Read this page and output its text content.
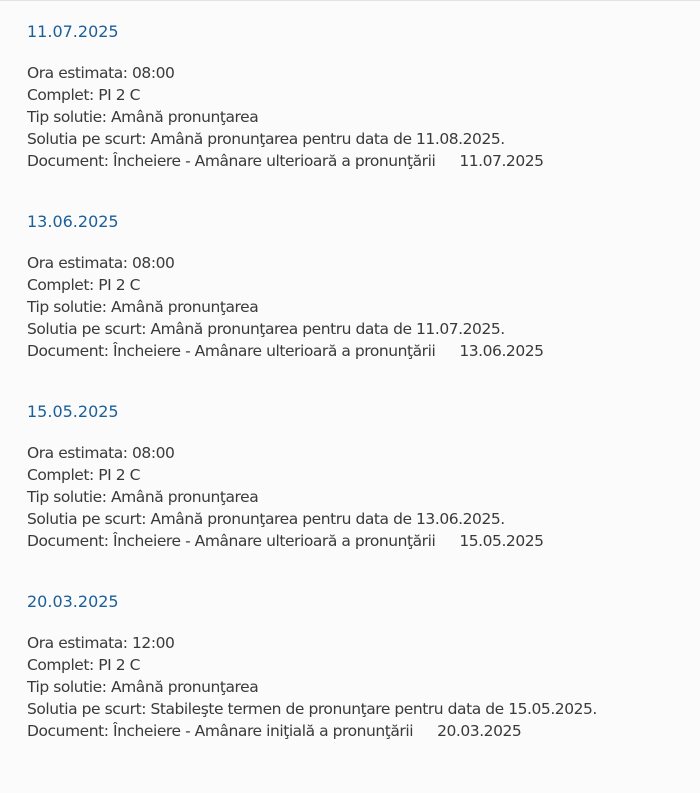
11.07.2025
Ora estimata: 08:00
Complet: PI 2 C
Tip solutie: Amână pronunţarea
Solutia pe scurt: Amână pronunţarea pentru data de 11.08.2025.
Document: Încheiere - Amânare ulterioară a pronunţării 11.07.2025
13.06.2025
Ora estimata: 08:00
Complet: PI 2 C
Tip solutie: Amână pronunţarea
Solutia pe scurt: Amână pronunţarea pentru data de 11.07.2025.
Document: Încheiere - Amânare ulterioară a pronunţării 13.06.2025
15.05.2025
Ora estimata: 08:00
Complet: PI 2 C
Tip solutie: Amână pronunţarea
Solutia pe scurt: Amână pronunţarea pentru data de 13.06.2025.
Document: Încheiere - Amânare ulterioară a pronunţării 15.05.2025
20.03.2025
Ora estimata: 12:00
Complet: PI 2 C
Tip solutie: Amână pronunţarea
Solutia pe scurt: Stabileşte termen de pronunţare pentru data de 15.05.2025.
Document: Încheiere - Amânare iniţială a pronunţării 20.03.2025
